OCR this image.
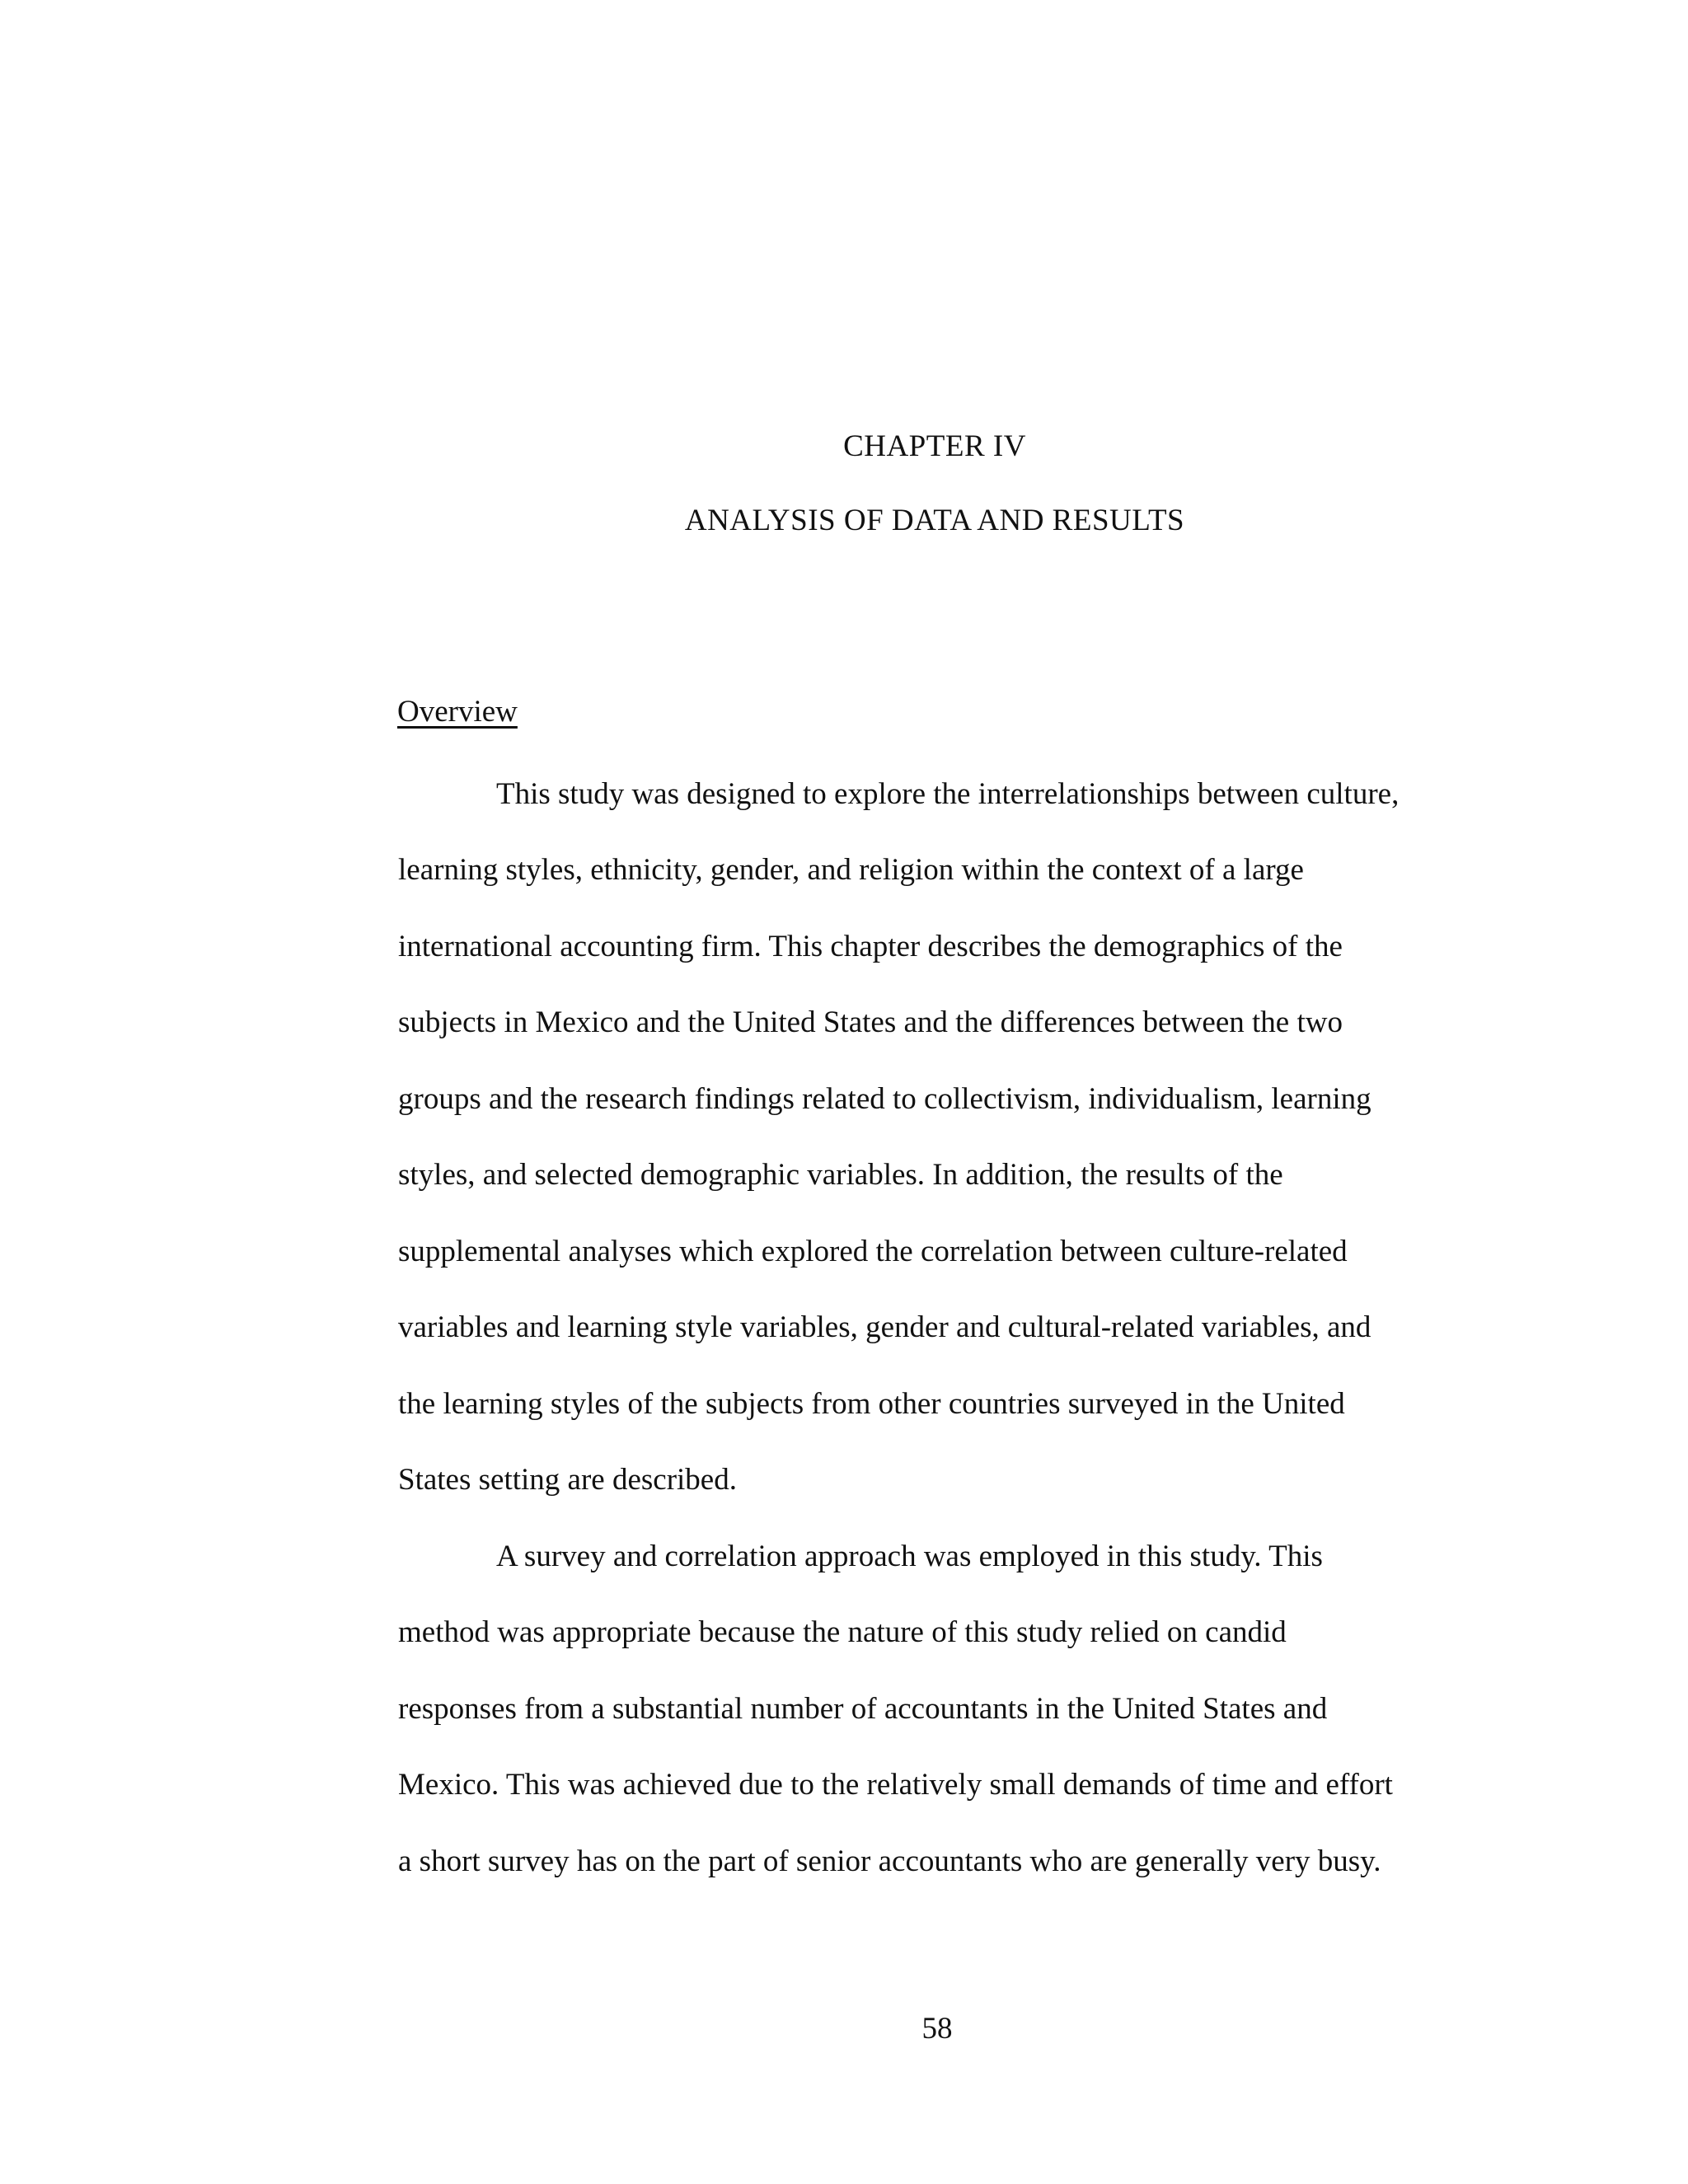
CHAPTER IV
ANALYSIS OF DATA AND RESULTS
Overview
This study was designed to explore the interrelationships between culture,
learning styles, ethnicity, gender, and religion within the context of a large
international accounting firm. This chapter describes the demographics of the
subjects in Mexico and the United States and the differences between the two
groups and the research findings related to collectivism, individualism, learning
styles, and selected demographic variables. In addition, the results of the
supplemental analyses which explored the correlation between culture-related
variables and learning style variables, gender and cultural-related variables, and
the learning styles of the subjects from other countries surveyed in the United
States setting are described.
A survey and correlation approach was employed in this study. This
method was appropriate because the nature of this study relied on candid
responses from a substantial number of accountants in the United States and
Mexico. This was achieved due to the relatively small demands of time and effort
a short survey has on the part of senior accountants who are generally very busy.
58
